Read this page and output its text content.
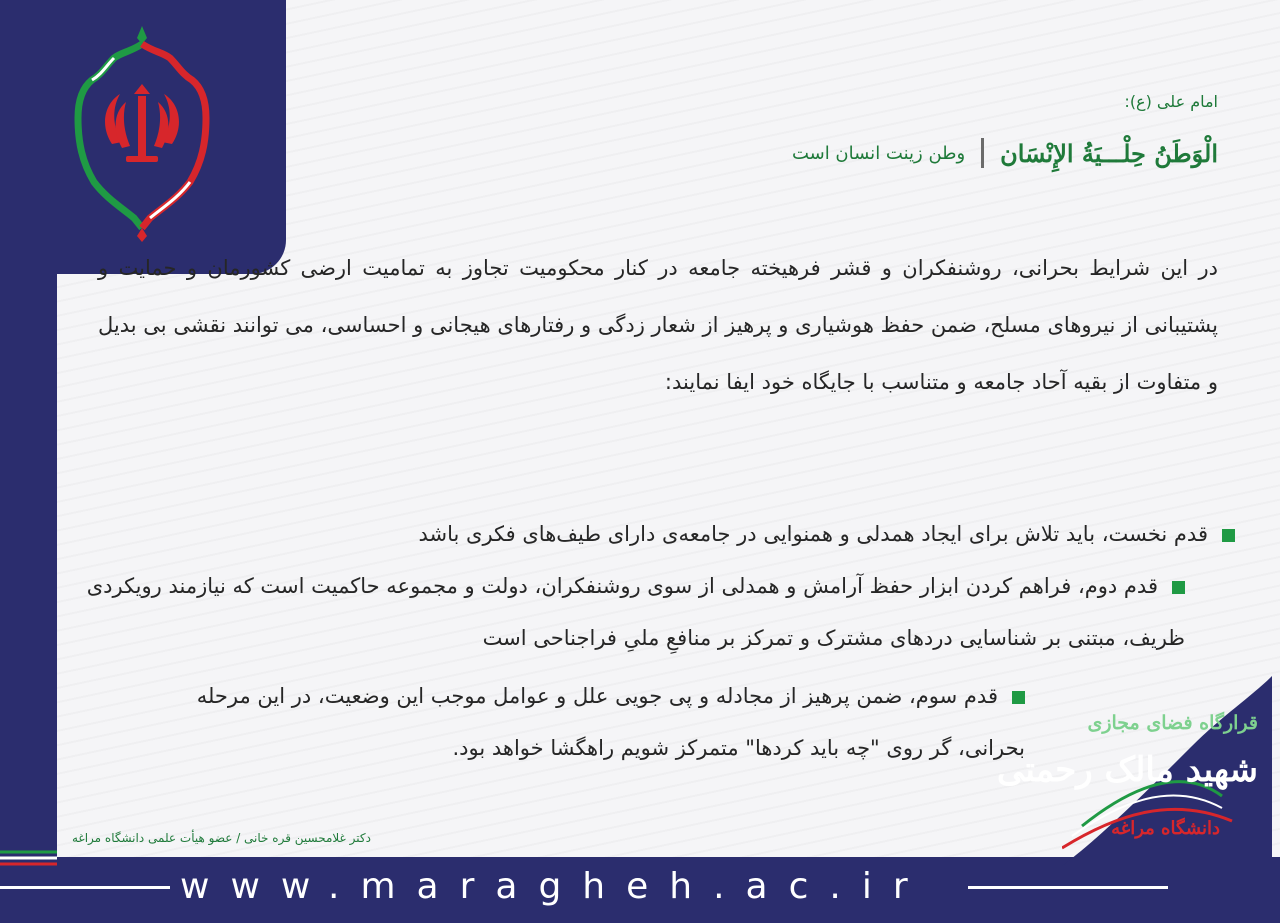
امام علی (ع):
الْوَطَنُ حِلْـــيَةُ الإِنْسَان
وطن زینت انسان است
در این شرایط بحرانی، روشنفکران و قشر فرهیخته جامعه در کنار محکومیت تجاوز به تمامیت ارضی کشورمان و حمایت و پشتیبانی از نیروهای مسلح، ضمن حفظ هوشیاری و پرهیز از شعار زدگی و رفتارهای هیجانی و احساسی، می توانند نقشی بی بدیل و متفاوت از بقیه آحاد جامعه و متناسب با جایگاه خود ایفا نمایند:
قدم نخست، باید تلاش برای ایجاد همدلی و همنوایی در جامعه‌ی دارای طیف‌های فکری باشد
قدم دوم، فراهم کردن ابزار حفظ آرامش و همدلی از سوی روشنفکران، دولت و مجموعه حاکمیت است که نیازمند رویکردی ظریف، مبتنی بر شناسایی دردهای مشترک و تمرکز بر منافعِ ملیِ فراجناحی است
قدم سوم، ضمن پرهیز از مجادله و پی جویی علل و عوامل موجب این وضعیت، در این مرحله بحرانی، گر روی "چه باید کردها" متمرکز شویم راهگشا خواهد بود.
دکتر غلامحسین قره خانی / عضو هیأت علمی دانشگاه مراغه
قرارگاه فضای مجازی
شهید مالک رحمتی
دانشگاه مراغه
www.maragheh.ac.ir
